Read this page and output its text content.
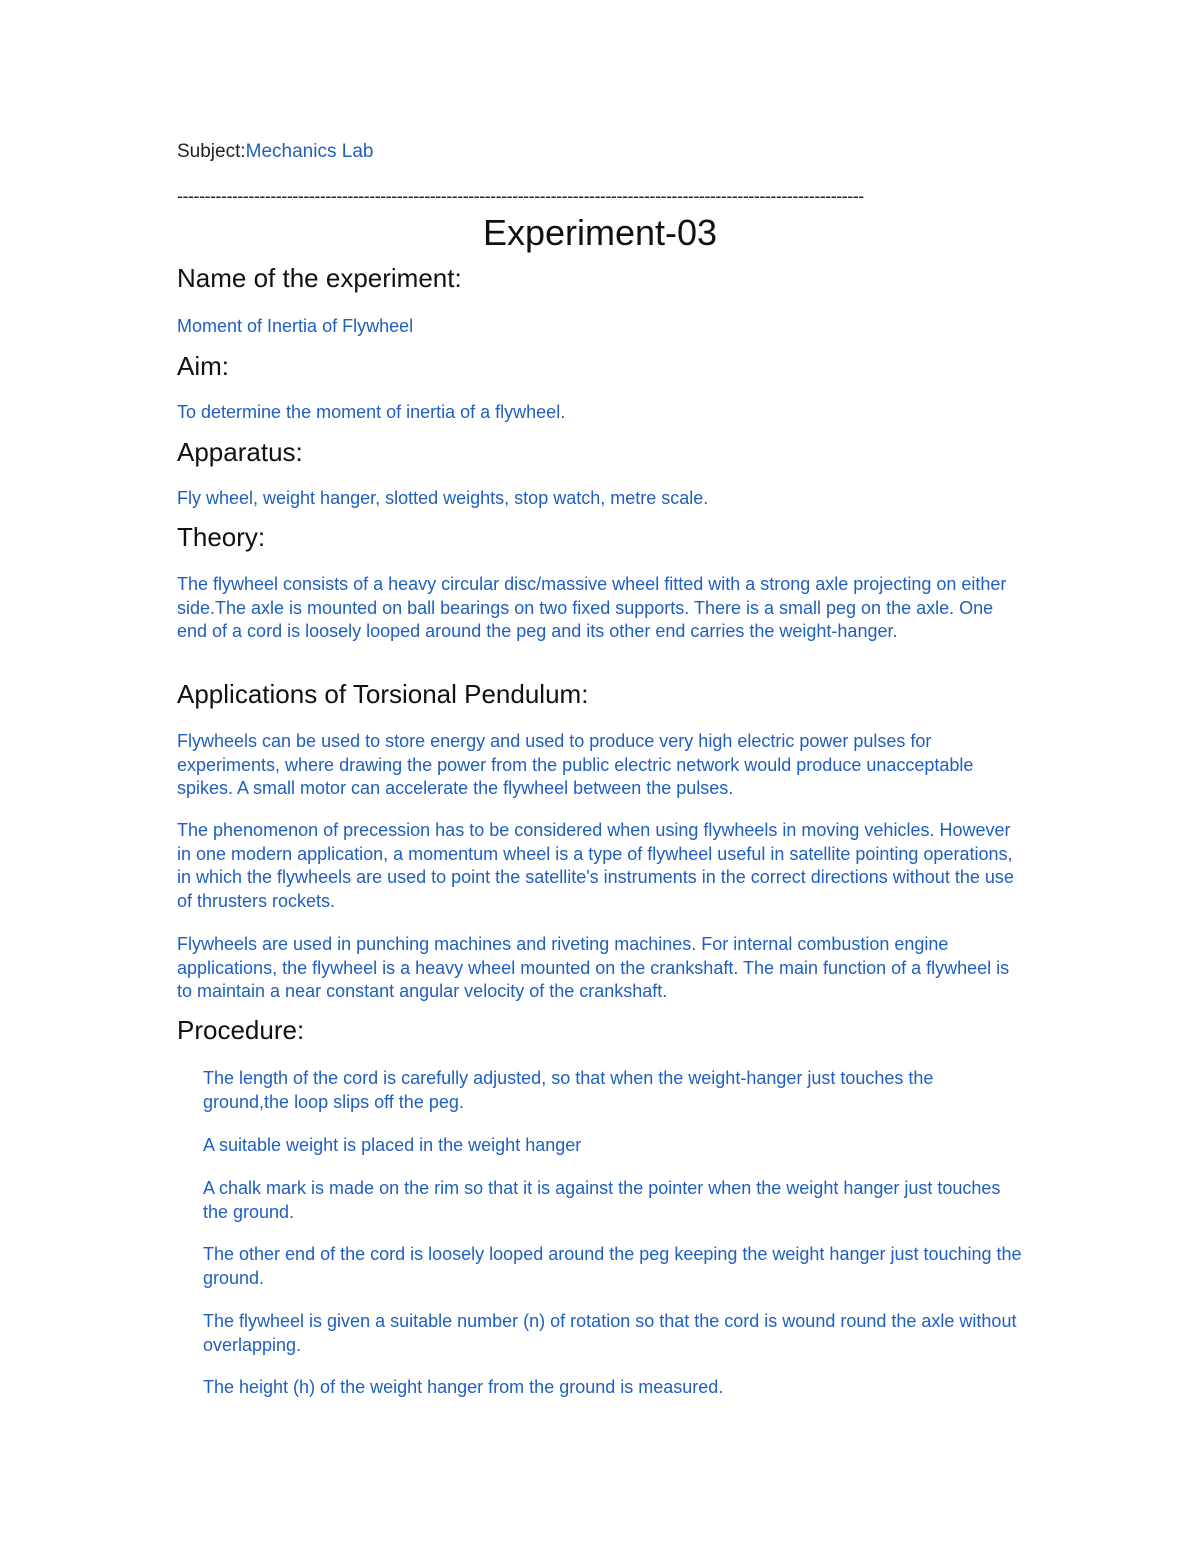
Subject:Mechanics Lab
-----------------------------------------------------------------------------------------------------------------------------
Experiment-03
Name of the experiment:
Moment of Inertia of Flywheel
Aim:
To determine the moment of inertia of a flywheel.
Apparatus:
Fly wheel, weight hanger, slotted weights, stop watch, metre scale.
Theory:
The flywheel consists of a heavy circular disc/massive wheel fitted with a strong axle projecting on either side.The axle is mounted on ball bearings on two fixed supports. There is a small peg on the axle. One end of a cord is loosely looped around the peg and its other end carries the weight-hanger.
Applications of Torsional Pendulum:
Flywheels can be used to store energy and used to produce very high electric power pulses for experiments, where drawing the power from the public electric network would produce unacceptable spikes. A small motor can accelerate the flywheel between the pulses.
The phenomenon of precession has to be considered when using flywheels in moving vehicles. However in one modern application, a momentum wheel is a type of flywheel useful in satellite pointing operations, in which the flywheels are used to point the satellite's instruments in the correct directions without the use of thrusters rockets.
Flywheels are used in punching machines and riveting machines. For internal combustion engine applications, the flywheel is a heavy wheel mounted on the crankshaft. The main function of a flywheel is to maintain a near constant angular velocity of the crankshaft.
Procedure:
The length of the cord is carefully adjusted, so that when the weight-hanger just touches the ground,the loop slips off the peg.
A suitable weight is placed in the weight hanger
A chalk mark is made on the rim so that it is against the pointer when the weight hanger just touches the ground.
The other end of the cord is loosely looped around the peg keeping the weight hanger just touching the ground.
The flywheel is given a suitable number (n) of rotation so that the cord is wound round the axle without overlapping.
The height (h) of the weight hanger from the ground is measured.
